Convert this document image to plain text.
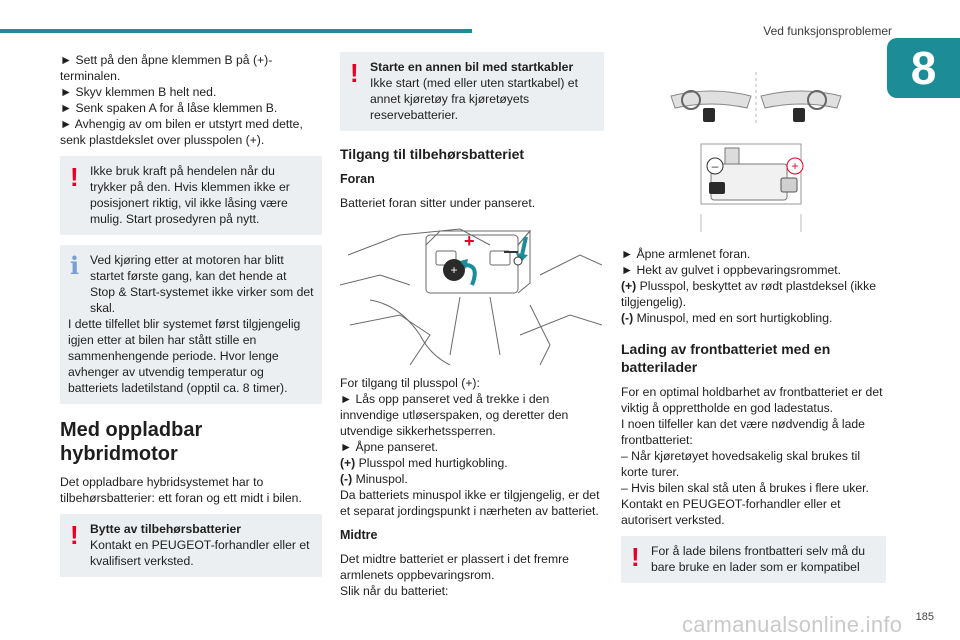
Ved funksjonsproblemer
8

► Sett på den åpne klemmen B på (+)-terminalen.

► Skyv klemmen B helt ned.

► Senk spaken A for å låse klemmen B.

► Avhengig av om bilen er utstyrt med dette, senk plastdekslet over plusspolen (+).

! Ikke bruk kraft på hendelen når du trykker på den. Hvis klemmen ikke er posisjonert riktig, vil ikke låsing være mulig. Start prosedyren på nytt.

i Ved kjøring etter at motoren har blitt startet første gang, kan det hende at Stop & Start-systemet ikke virker som det skal.

I dette tilfellet blir systemet først tilgjengelig igjen etter at bilen har stått stille en sammenhengende periode. Hvor lenge avhenger av utvendig temperatur og batteriets ladetilstand (opptil ca. 8 timer).

Med oppladbar hybridmotor

Det oppladbare hybridsystemet har to tilbehørsbatterier: ett foran og ett midt i bilen.

! Bytte av tilbehørsbatterier

Kontakt en PEUGEOT-forhandler eller et kvalifisert verksted.

! Starte en annen bil med startkabler

Ikke start (med eller uten startkabel) et annet kjøretøy fra kjøretøyets reservebatterier.

Tilgang til tilbehørsbatteriet
Foran

Batteriet foran sitter under panseret.

+
+

For tilgang til plusspol (+):

► Lås opp panseret ved å trekke i den innvendige utløserspaken, og deretter den utvendige sikkerhetssperren.

► Åpne panseret.

(+) Plusspol med hurtigkobling.

(-) Minuspol.

Da batteriets minuspol ikke er tilgjengelig, er det et separat jordingspunkt i nærheten av batteriet.

Midtre

Det midtre batteriet er plassert i det fremre armlenets oppbevaringsrom.

Slik når du batteriet:

–	+

► Åpne armlenet foran.

► Hekt av gulvet i oppbevaringsrommet.

(+) Plusspol, beskyttet av rødt plastdeksel (ikke tilgjengelig).

(-) Minuspol, med en sort hurtigkobling.

Lading av frontbatteriet med en batterilader

For en optimal holdbarhet av frontbatteriet er det viktig å opprettholde en god ladestatus.

I noen tilfeller kan det være nødvendig å lade frontbatteriet:

– Når kjøretøyet hovedsakelig skal brukes til korte turer.

– Hvis bilen skal stå uten å brukes i flere uker.

Kontakt en PEUGEOT-forhandler eller et autorisert verksted.

! For å lade bilens frontbatteri selv må du bare bruke en lader som er kompatibel

carmanualsonline.info 185
